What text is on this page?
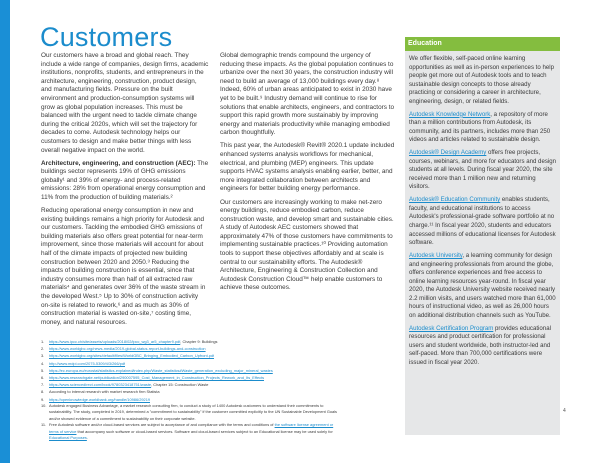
Customers

Our customers have a broad and global reach. They include a wide range of companies, design firms, academic institutions, nonprofits, students, and entrepreneurs in the architecture, engineering, construction, product design, and manufacturing fields. Pressure on the built environment and production-consumption systems will grow as global population increases. This must be balanced with the urgent need to tackle climate change during the critical 2020s, which will set the trajectory for decades to come. Autodesk technology helps our customers to design and make better things with less overall negative impact on the world.

Architecture, engineering, and construction (AEC): The buildings sector represents 19% of GHG emissions globally¹ and 39% of energy- and process-related emissions: 28% from operational energy consumption and 11% from the production of building materials.²

Reducing operational energy consumption in new and existing buildings remains a high priority for Autodesk and our customers. Tackling the embodied GHG emissions of building materials also offers great potential for near-term improvement, since those materials will account for about half of the climate impacts of projected new building construction between 2020 and 2050.³ Reducing the impacts of building construction is essential, since that industry consumes more than half of all extracted raw materials⁴ and generates over 36% of the waste stream in the developed West.⁵ Up to 30% of construction activity on-site is related to rework,⁶ and as much as 30% of construction material is wasted on-site,⁷ costing time, money, and natural resources.

Global demographic trends compound the urgency of reducing these impacts. As the global population continues to urbanize over the next 30 years, the construction industry will need to build an average of 13,000 buildings every day.⁸ Indeed, 60% of urban areas anticipated to exist in 2030 have yet to be built.⁹ Industry demand will continue to rise for solutions that enable architects, engineers, and contractors to support this rapid growth more sustainably by improving energy and materials productivity while managing embodied carbon thoughtfully.

This past year, the Autodesk® Revit® 2020.1 update included enhanced systems analysis workflows for mechanical, electrical, and plumbing (MEP) engineers. This update supports HVAC systems analysis enabling earlier, better, and more integrated collaboration between architects and engineers for better building energy performance.

Our customers are increasingly working to make net-zero energy buildings, reduce embodied carbon, reduce construction waste, and develop smart and sustainable cities. A study of Autodesk AEC customers showed that approximately 47% of those customers have commitments to implementing sustainable practices.¹⁰ Providing automation tools to support these objectives affordably and at scale is central to our sustainability efforts. The Autodesk® Architecture, Engineering & Construction Collection and Autodesk Construction Cloud™ help enable customers to achieve these outcomes.

Education

We offer flexible, self-paced online learning opportunities as well as in-person experiences to help people get more out of Autodesk tools and to teach sustainable design concepts to those already practicing or considering a career in architecture, engineering, design, or related fields.

Autodesk Knowledge Network, a repository of more than a million contributions from Autodesk, its community, and its partners, includes more than 250 videos and articles related to sustainable design.

Autodesk® Design Academy offers free projects, courses, webinars, and more for educators and design students at all levels. During fiscal year 2020, the site received more than 1 million new and returning visitors.

Autodesk® Education Community enables students, faculty, and educational institutions to access Autodesk's professional-grade software portfolio at no charge.¹¹ In fiscal year 2020, students and educators accessed millions of educational licenses for Autodesk software.

Autodesk University, a learning community for design and engineering professionals from around the globe, offers conference experiences and free access to online learning resources year-round. In fiscal year 2020, the Autodesk University website received nearly 2.2 million visits, and users watched more than 61,000 hours of instructional video, as well as 26,000 hours on additional distribution channels such as YouTube.

Autodesk Certification Program provides educational resources and product certification for professional users and student worldwide, both instructor-led and self-paced. More than 700,000 certifications were issued in fiscal year 2020.

1.	https://www.ipcc.ch/site/assets/uploads/2018/02/ipcc_wg3_ar5_chapter9.pdf, Chapter 9: Buildings
2.	https://www.worldgbc.org/news-media/2019-global-status-report-buildings-and-construction
3.	https://www.worldgbc.org/sites/default/files/WorldGBC_Bringing_Embodied_Carbon_Upfront.pdf
4.	http://www.mdpi.com/2075-5309/4/3/266/pdf
5.	https://ec.europa.eu/eurostat/statistics-explained/index.php/Waste_statistics#Waste_generation_excluding_major_mineral_wastes
6.	https://www.researchgate.net/publication/290007595_Cost_Management_in_Construction_Projects_Rework_and_Its_Effects
7.	https://www.sciencedirect.com/book/9780323418751/waste, Chapter 15: Construction Waste
8.	According to internal research with market research firm Statista
9.	https://openknowledge.worldbank.org/handle/10986/29219
10. Autodesk engaged Business Advantage, a market research consulting firm, to conduct a study of 1400 Autodesk customers to understand their commitments to sustainability. The study, completed in 2019, determined a "commitment to sustainability" if the customer committed explicitly to the UN Sustainable Development Goals and/or showed evidence of a commitment to sustainability on their corporate website.
11. Free Autodesk software and/or cloud-based services are subject to acceptance of and compliance with the terms and conditions of the software license agreement or terms of service that accompany such software or cloud-based services. Software and cloud-based services subject to an Educational license may be used solely for Educational Purposes.
4
